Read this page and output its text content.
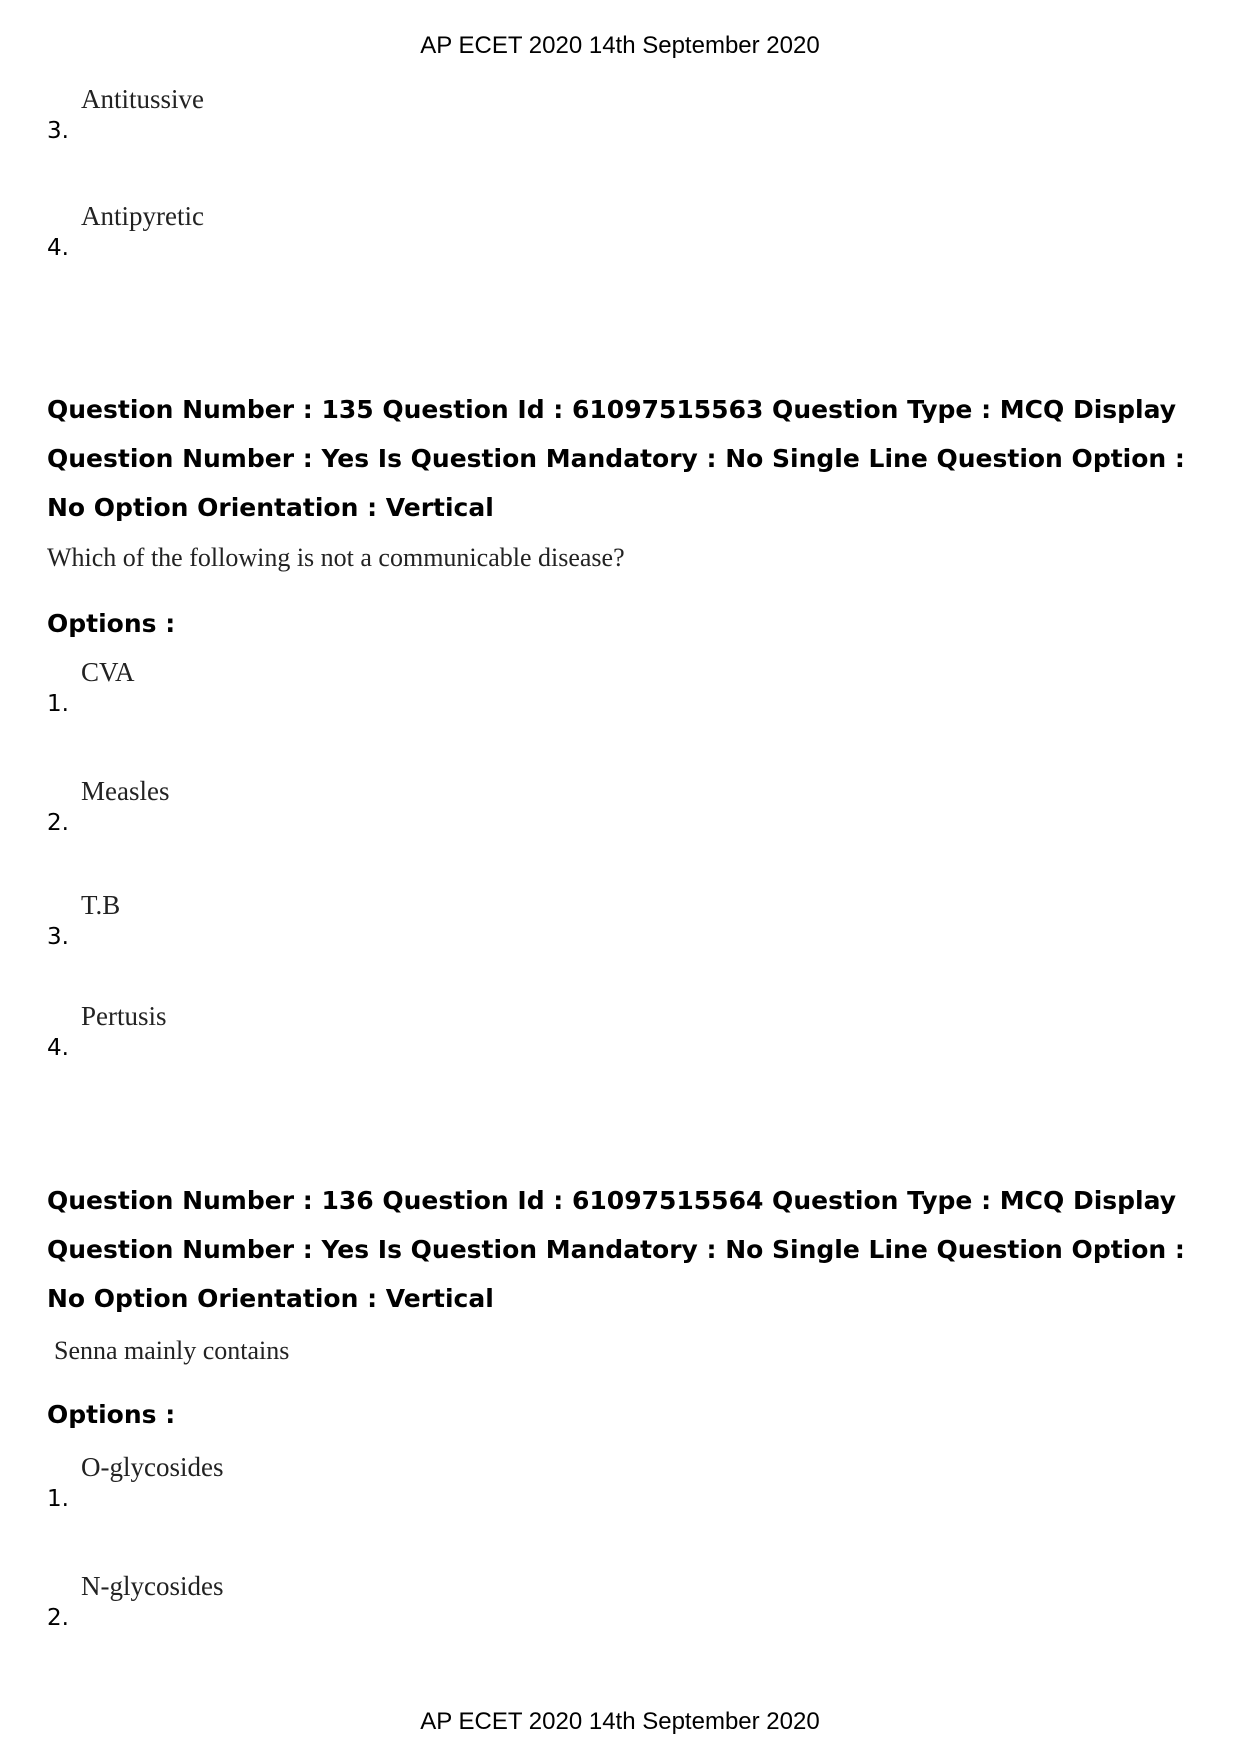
AP ECET 2020 14th September 2020
3.
Antitussive
4.
Antipyretic
Question Number : 135 Question Id : 61097515563 Question Type : MCQ Display Question Number : Yes Is Question Mandatory : No Single Line Question Option : No Option Orientation : Vertical
Which of the following is not a communicable disease?
Options :
1.
CVA
2.
Measles
3.
T.B
4.
Pertusis
Question Number : 136 Question Id : 61097515564 Question Type : MCQ Display Question Number : Yes Is Question Mandatory : No Single Line Question Option : No Option Orientation : Vertical
Senna mainly contains
Options :
1.
O-glycosides
2.
N-glycosides
AP ECET 2020 14th September 2020
